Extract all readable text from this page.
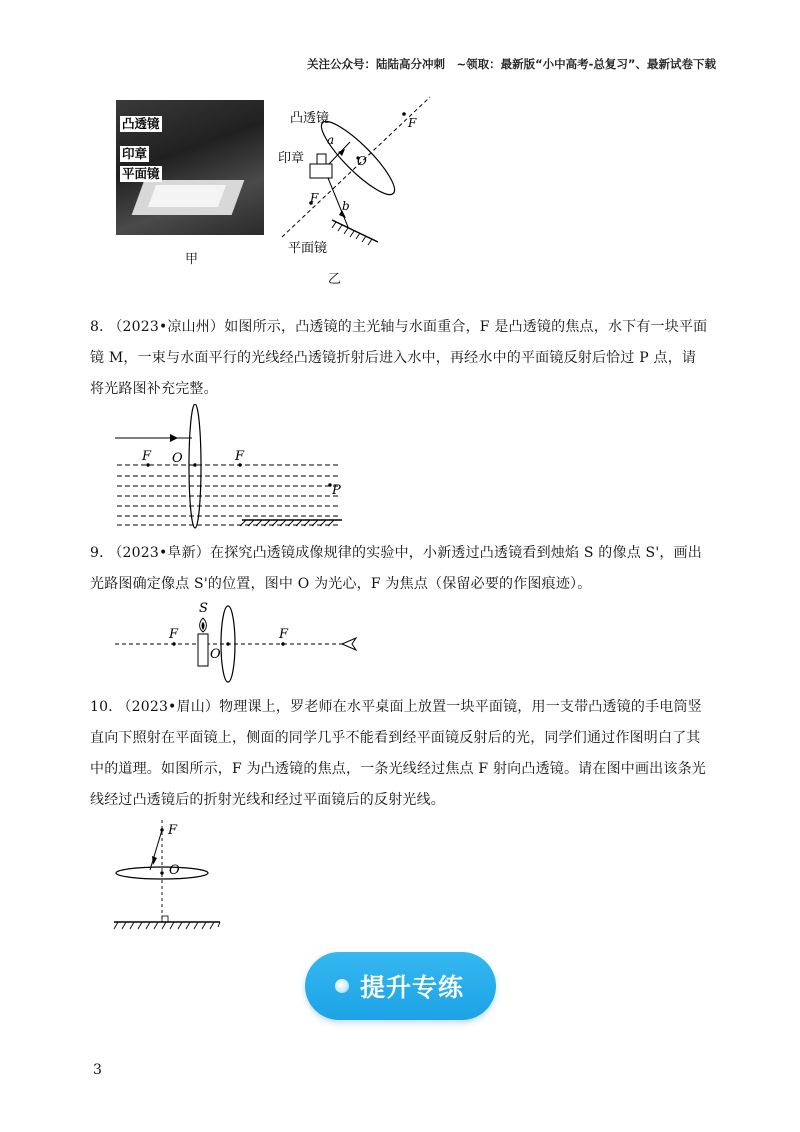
关注公众号：陆陆高分冲刺　~领取：最新版“小中高考-总复习”、最新试卷下载
凸透镜
印章
平面镜
甲
凸透镜
印章
平面镜
F
F
O
a
b
乙
8． （2023•凉山州）如图所示，凸透镜的主光轴与水面重合，F 是凸透镜的焦点，水下有一块平面镜 M，一束与水面平行的光线经凸透镜折射后进入水中，再经水中的平面镜反射后恰过 P 点，请将光路图补充完整。
F O	F
P
9． （2023•阜新）在探究凸透镜成像规律的实验中，小新透过凸透镜看到烛焰 S 的像点 S'，画出光路图确定像点 S'的位置，图中 O 为光心，F 为焦点（保留必要的作图痕迹）。
S
F
O
F
10． （2023•眉山）物理课上，罗老师在水平桌面上放置一块平面镜，用一支带凸透镜的手电筒竖直向下照射在平面镜上，侧面的同学几乎不能看到经平面镜反射后的光，同学们通过作图明白了其中的道理。如图所示，F 为凸透镜的焦点，一条光线经过焦点 F 射向凸透镜。请在图中画出该条光线经过凸透镜后的折射光线和经过平面镜后的反射光线。
F
O
提升专练
3
